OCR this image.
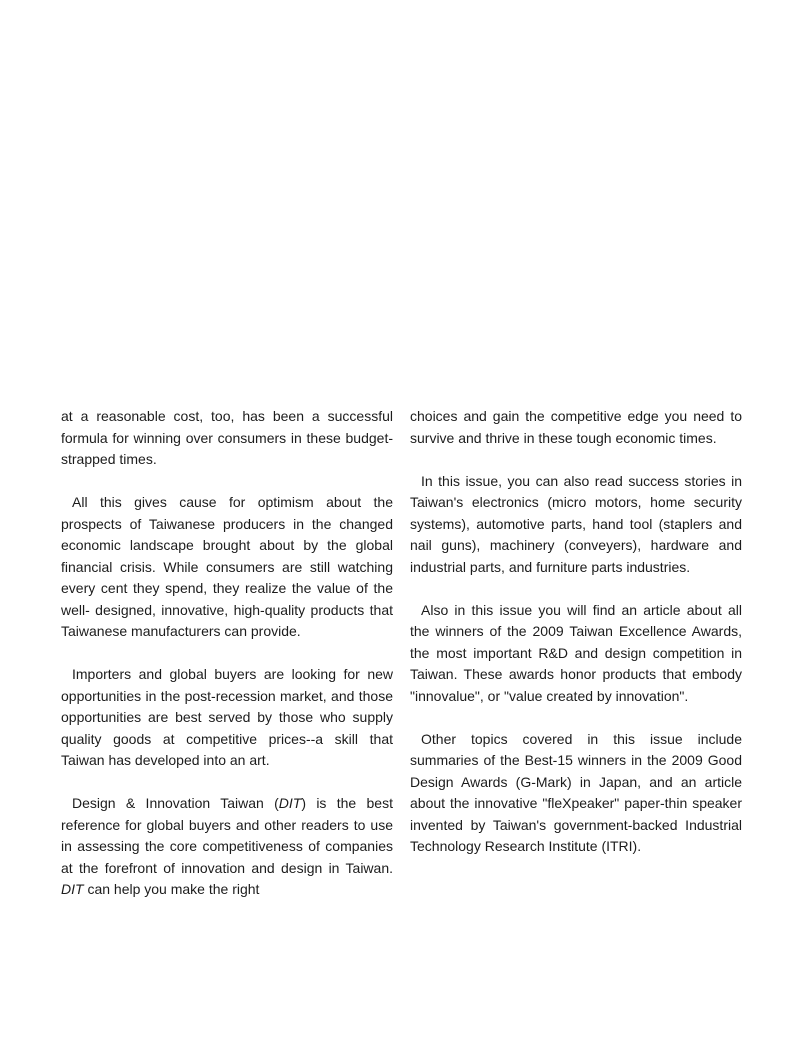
at a reasonable cost, too, has been a successful formula for winning over consumers in these budget-strapped times.

All this gives cause for optimism about the prospects of Taiwanese producers in the changed economic landscape brought about by the global financial crisis. While consumers are still watching every cent they spend, they realize the value of the well- designed, innovative, high-quality products that Taiwanese manufacturers can provide.

Importers and global buyers are looking for new opportunities in the post-recession market, and those opportunities are best served by those who supply quality goods at competitive prices--a skill that Taiwan has developed into an art.

Design & Innovation Taiwan (DIT) is the best reference for global buyers and other readers to use in assessing the core competitiveness of companies at the forefront of innovation and design in Taiwan. DIT can help you make the right

choices and gain the competitive edge you need to survive and thrive in these tough economic times.

In this issue, you can also read success stories in Taiwan's electronics (micro motors, home security systems), automotive parts, hand tool (staplers and nail guns), machinery (conveyers), hardware and industrial parts, and furniture parts industries.

Also in this issue you will find an article about all the winners of the 2009 Taiwan Excellence Awards, the most important R&D and design competition in Taiwan. These awards honor products that embody "innovalue", or "value created by innovation".

Other topics covered in this issue include summaries of the Best-15 winners in the 2009 Good Design Awards (G-Mark) in Japan, and an article about the innovative "fleXpeaker" paper-thin speaker invented by Taiwan's government-backed Industrial Technology Research Institute (ITRI).
